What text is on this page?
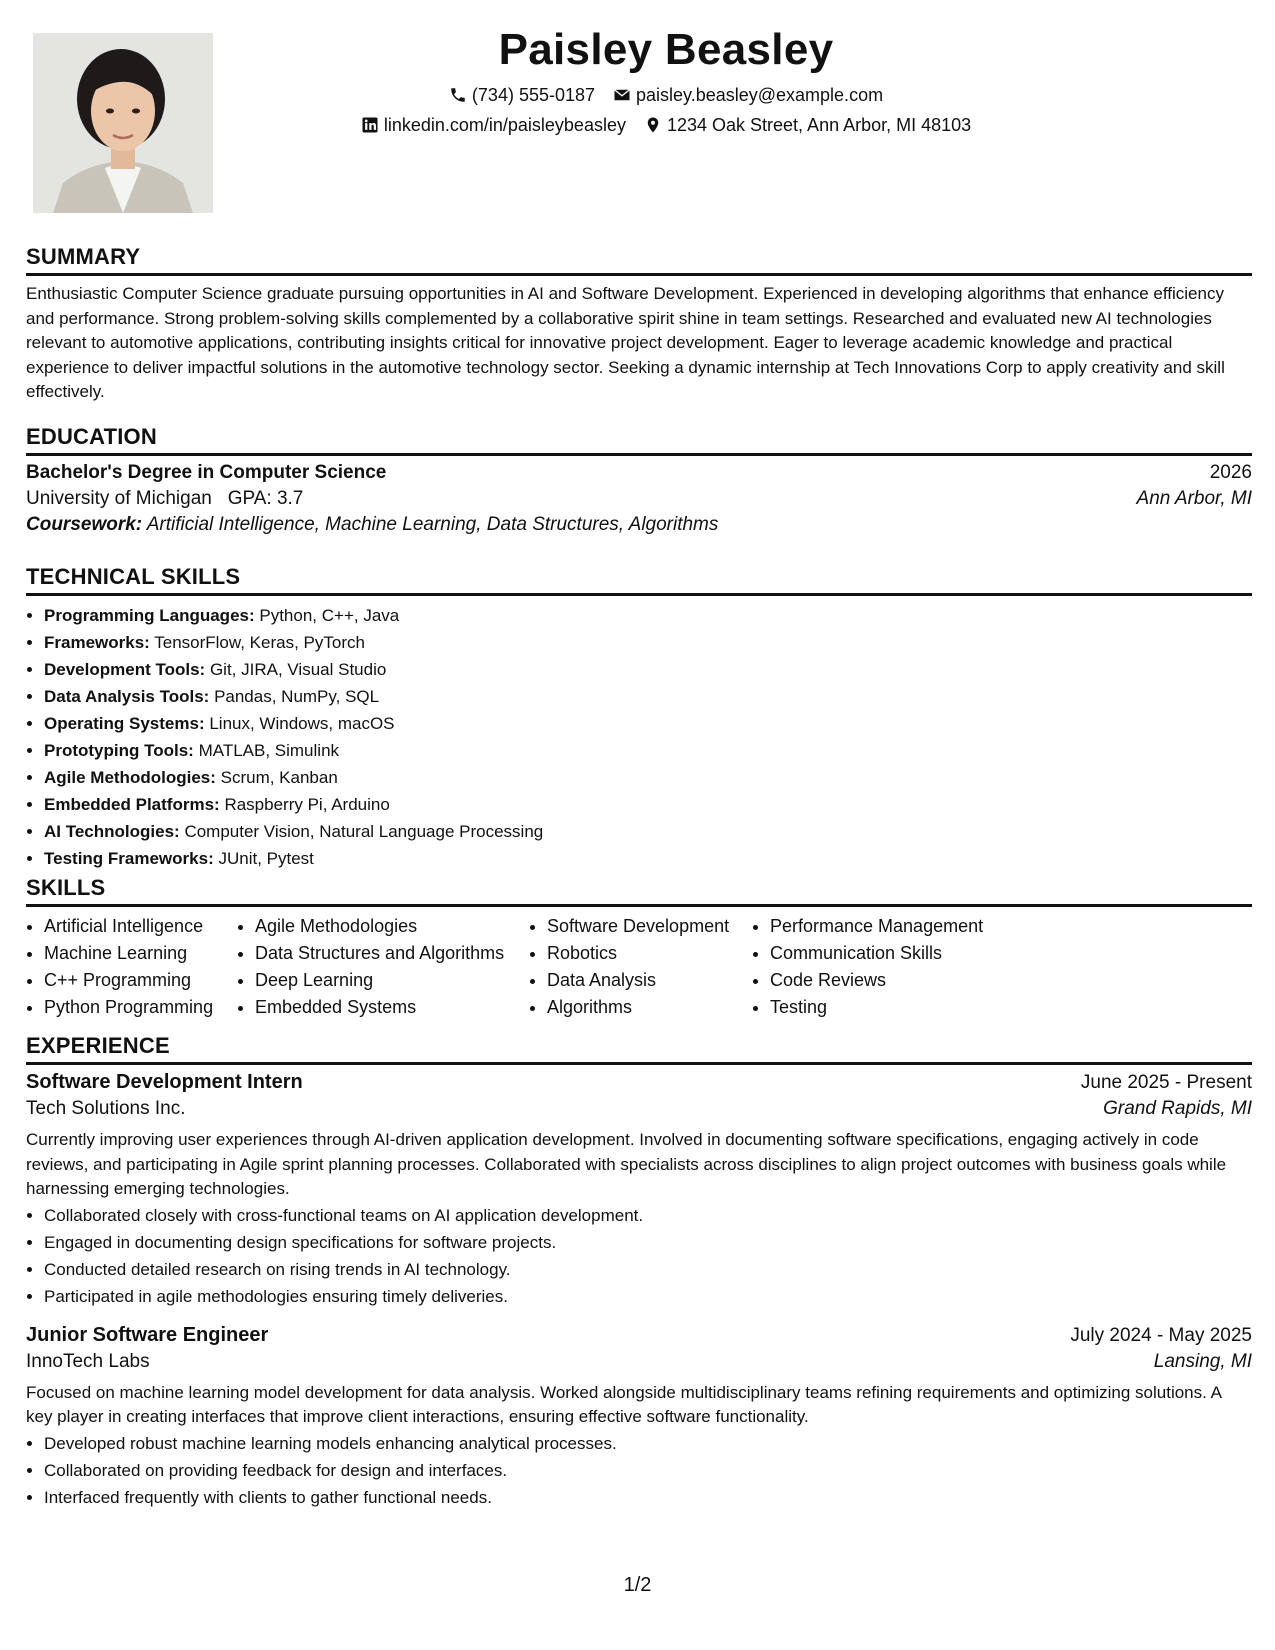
Paisley Beasley
(734) 555-0187 paisley.beasley@example.com
linkedin.com/in/paisleybeasley 1234 Oak Street, Ann Arbor, MI 48103
SUMMARY
Enthusiastic Computer Science graduate pursuing opportunities in AI and Software Development. Experienced in developing algorithms that enhance efficiency and performance. Strong problem-solving skills complemented by a collaborative spirit shine in team settings. Researched and evaluated new AI technologies relevant to automotive applications, contributing insights critical for innovative project development. Eager to leverage academic knowledge and practical experience to deliver impactful solutions in the automotive technology sector. Seeking a dynamic internship at Tech Innovations Corp to apply creativity and skill effectively.
EDUCATION
Bachelor's Degree in Computer Science	2026
University of Michigan GPA: 3.7	Ann Arbor, MI
Coursework: Artificial Intelligence, Machine Learning, Data Structures, Algorithms
TECHNICAL SKILLS
• Programming Languages: Python, C++, Java
• Frameworks: TensorFlow, Keras, PyTorch
• Development Tools: Git, JIRA, Visual Studio
• Data Analysis Tools: Pandas, NumPy, SQL
• Operating Systems: Linux, Windows, macOS
• Prototyping Tools: MATLAB, Simulink
• Agile Methodologies: Scrum, Kanban
• Embedded Platforms: Raspberry Pi, Arduino
• AI Technologies: Computer Vision, Natural Language Processing
• Testing Frameworks: JUnit, Pytest
SKILLS
• Artificial Intelligence
• Machine Learning
• C++ Programming
• Python Programming
• Agile Methodologies
• Data Structures and Algorithms
• Deep Learning
• Embedded Systems
• Software Development
• Robotics
• Data Analysis
• Algorithms
• Performance Management
• Communication Skills
• Code Reviews
• Testing
EXPERIENCE
Software Development Intern	June 2025 - Present
Tech Solutions Inc.	Grand Rapids, MI
Currently improving user experiences through AI-driven application development. Involved in documenting software specifications, engaging actively in code reviews, and participating in Agile sprint planning processes. Collaborated with specialists across disciplines to align project outcomes with business goals while harnessing emerging technologies.
• Collaborated closely with cross-functional teams on AI application development.
• Engaged in documenting design specifications for software projects.
• Conducted detailed research on rising trends in AI technology.
• Participated in agile methodologies ensuring timely deliveries.
Junior Software Engineer	July 2024 - May 2025
InnoTech Labs	Lansing, MI
Focused on machine learning model development for data analysis. Worked alongside multidisciplinary teams refining requirements and optimizing solutions. A key player in creating interfaces that improve client interactions, ensuring effective software functionality.
• Developed robust machine learning models enhancing analytical processes.
• Collaborated on providing feedback for design and interfaces.
• Interfaced frequently with clients to gather functional needs.
1/2
